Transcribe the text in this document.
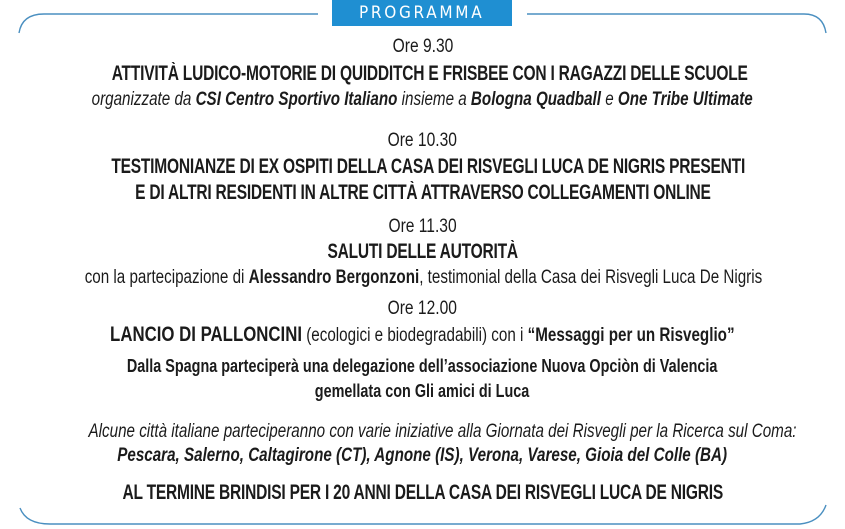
PROGRAMMA
Ore 9.30
ATTIVITÀ LUDICO-MOTORIE DI QUIDDITCH E FRISBEE CON I RAGAZZI DELLE SCUOLE
organizzate da CSI Centro Sportivo Italiano insieme a Bologna Quadball e One Tribe Ultimate
Ore 10.30
TESTIMONIANZE DI EX OSPITI DELLA CASA DEI RISVEGLI LUCA DE NIGRIS PRESENTI
E DI ALTRI RESIDENTI IN ALTRE CITTÀ ATTRAVERSO COLLEGAMENTI ONLINE
Ore 11.30
SALUTI DELLE AUTORITÀ
con la partecipazione di Alessandro Bergonzoni, testimonial della Casa dei Risvegli Luca De Nigris
Ore 12.00
LANCIO DI PALLONCINI (ecologici e biodegradabili) con i “Messaggi per un Risveglio”
Dalla Spagna parteciperà una delegazione dell’associazione Nuova Opciòn di Valencia
gemellata con Gli amici di Luca
Alcune città italiane parteciperanno con varie iniziative alla Giornata dei Risvegli per la Ricerca sul Coma:
Pescara, Salerno, Caltagirone (CT), Agnone (IS), Verona, Varese, Gioia del Colle (BA)
AL TERMINE BRINDISI PER I 20 ANNI DELLA CASA DEI RISVEGLI LUCA DE NIGRIS
